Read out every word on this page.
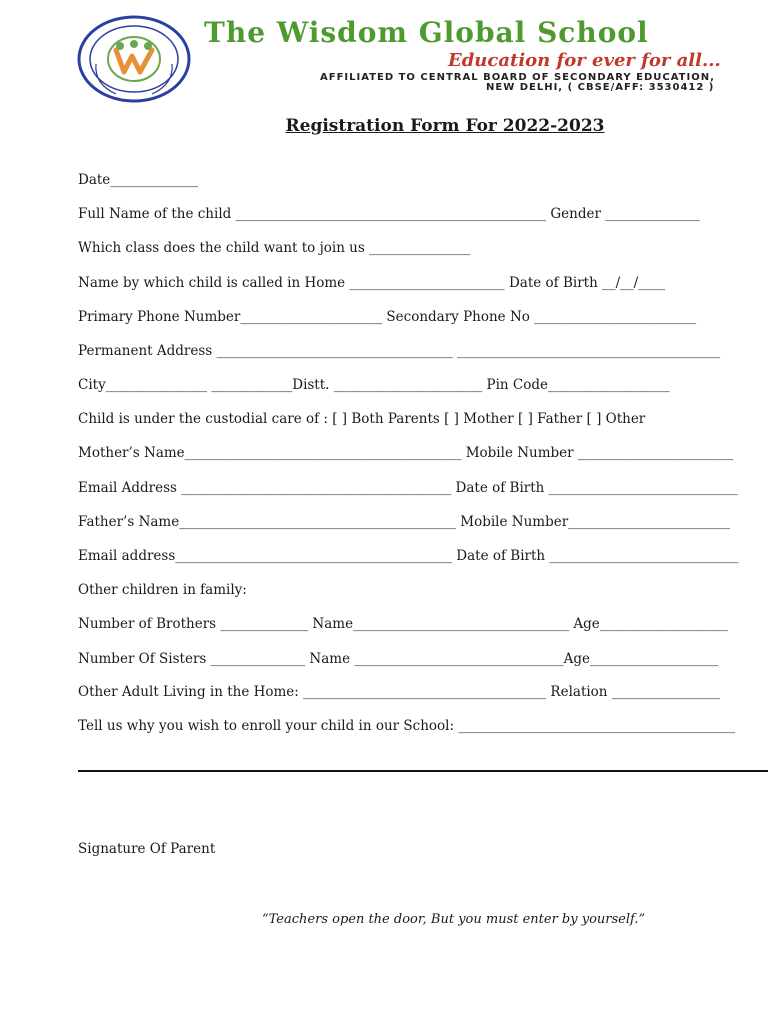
The Wisdom Global School
Education for ever for all...
AFFILIATED TO CENTRAL BOARD OF SECONDARY EDUCATION,
NEW DELHI, ( CBSE/AFF: 3530412 )
Registration Form For 2022-2023
Date_____________
Full Name of the child ______________________________________________ Gender ______________
Which class does the child want to join us _______________
Name by which child is called in Home _______________________ Date of Birth __/__/____
Primary Phone Number_____________________ Secondary Phone No ________________________
Permanent Address ___________________________________ _______________________________________
City_______________ ____________Distt. ______________________ Pin Code__________________
Child is under the custodial care of : [ ] Both Parents [ ] Mother [ ] Father [ ] Other
Mother’s Name_________________________________________ Mobile Number _______________________
Email Address ________________________________________ Date of Birth ____________________________
Father’s Name_________________________________________ Mobile Number________________________
Email address_________________________________________ Date of Birth ____________________________
Other children in family:
Number of Brothers _____________ Name________________________________ Age___________________
Number Of Sisters ______________ Name _______________________________Age___________________
Other Adult Living in the Home: ____________________________________ Relation ________________
Tell us why you wish to enroll your child in our School: _________________________________________
Signature Of Parent
“Teachers open the door, But you must enter by yourself.”
